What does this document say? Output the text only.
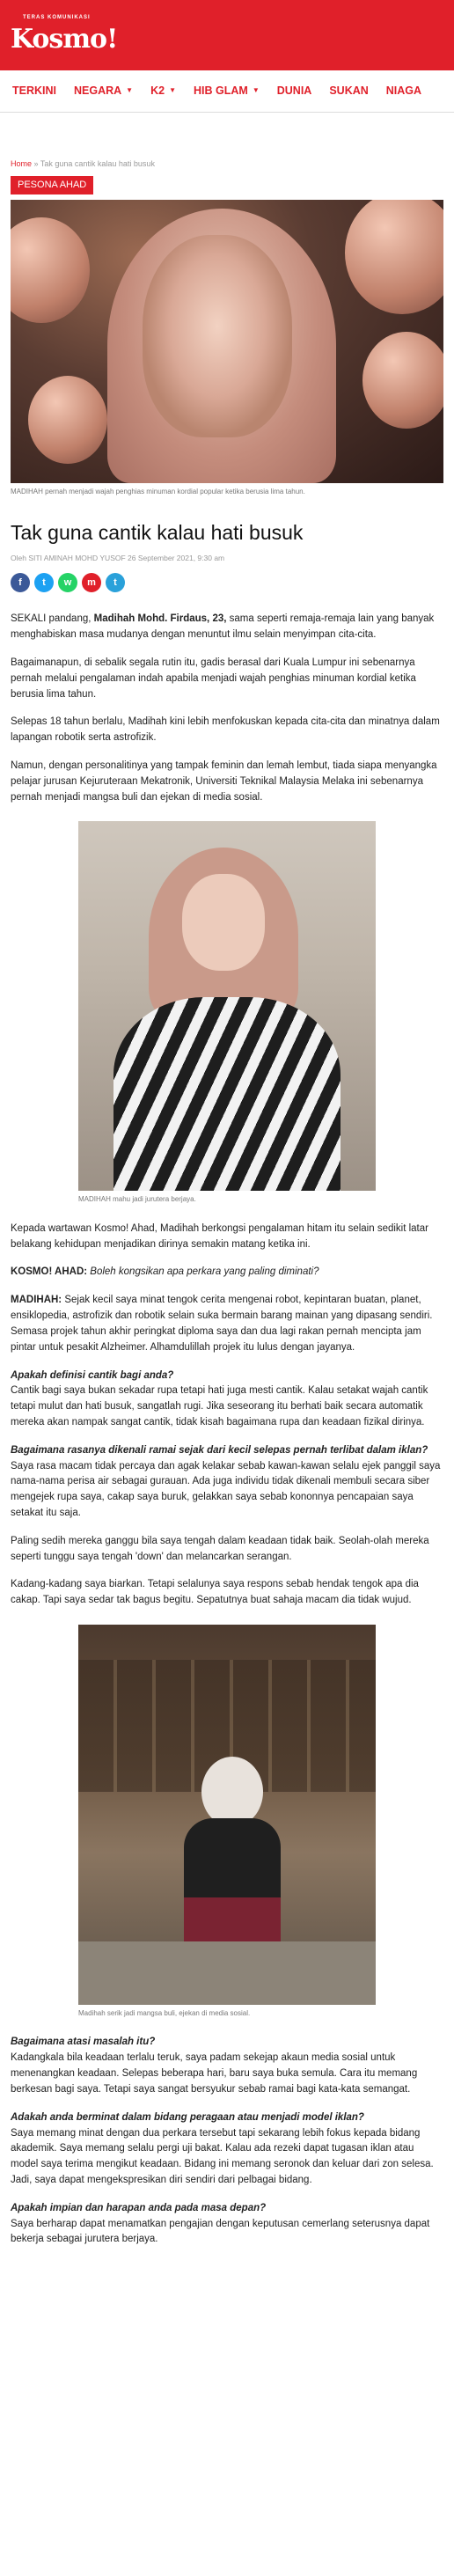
TERAS KOMUNIKASI
Kosmo!
TERKINI NEGARA ▼ K2 ▼ HIB GLAM ▼ DUNIA SUKAN NIAGA
Home » Tak guna cantik kalau hati busuk
PESONA AHAD
MADIHAH pernah menjadi wajah penghias minuman kordial popular ketika berusia lima tahun.
Tak guna cantik kalau hati busuk
Oleh SITI AMINAH MOHD YUSOF 26 September 2021, 9:30 am
f	t	w	m	t

SEKALI pandang, Madihah Mohd. Firdaus, 23, sama seperti remaja-remaja lain yang banyak menghabiskan masa mudanya dengan menuntut ilmu selain menyimpan cita-cita.

Bagaimanapun, di sebalik segala rutin itu, gadis berasal dari Kuala Lumpur ini sebenarnya pernah melalui pengalaman indah apabila menjadi wajah penghias minuman kordial ketika berusia lima tahun.

Selepas 18 tahun berlalu, Madihah kini lebih menfokuskan kepada cita-cita dan minatnya dalam lapangan robotik serta astrofizik.

Namun, dengan personalitinya yang tampak feminin dan lemah lembut, tiada siapa menyangka pelajar jurusan Kejuruteraan Mekatronik, Universiti Teknikal Malaysia Melaka ini sebenarnya pernah menjadi mangsa buli dan ejekan di media sosial.

MADIHAH mahu jadi jurutera berjaya.

Kepada wartawan Kosmo! Ahad, Madihah berkongsi pengalaman hitam itu selain sedikit latar belakang kehidupan menjadikan dirinya semakin matang ketika ini.

KOSMO! AHAD: Boleh kongsikan apa perkara yang paling diminati?

MADIHAH: Sejak kecil saya minat tengok cerita mengenai robot, kepintaran buatan, planet, ensiklopedia, astrofizik dan robotik selain suka bermain barang mainan yang dipasang sendiri.
Semasa projek tahun akhir peringkat diploma saya dan dua lagi rakan pernah mencipta jam pintar untuk pesakit Alzheimer. Alhamdulillah projek itu lulus dengan jayanya.

Apakah definisi cantik bagi anda?

Cantik bagi saya bukan sekadar rupa tetapi hati juga mesti cantik. Kalau setakat wajah cantik tetapi mulut dan hati busuk, sangatlah rugi. Jika seseorang itu berhati baik secara automatik mereka akan nampak sangat cantik, tidak kisah bagaimana rupa dan keadaan fizikal dirinya.

Bagaimana rasanya dikenali ramai sejak dari kecil selepas pernah terlibat dalam iklan?

Saya rasa macam tidak percaya dan agak kelakar sebab kawan-kawan selalu ejek panggil saya nama-nama perisa air sebagai gurauan. Ada juga individu tidak dikenali membuli secara siber mengejek rupa saya, cakap saya buruk, gelakkan saya sebab kononnya pencapaian saya setakat itu saja.

Paling sedih mereka ganggu bila saya tengah dalam keadaan tidak baik. Seolah-olah mereka seperti tunggu saya tengah 'down' dan melancarkan serangan.

Kadang-kadang saya biarkan. Tetapi selalunya saya respons sebab hendak tengok apa dia cakap. Tapi saya sedar tak bagus begitu. Sepatutnya buat sahaja macam dia tidak wujud.

Madihah serik jadi mangsa buli, ejekan di media sosial.
Bagaimana atasi masalah itu?

Kadangkala bila keadaan terlalu teruk, saya padam sekejap akaun media sosial untuk menenangkan keadaan. Selepas beberapa hari, baru saya buka semula. Cara itu memang berkesan bagi saya. Tetapi saya sangat bersyukur sebab ramai bagi kata-kata semangat.

Adakah anda berminat dalam bidang peragaan atau menjadi model iklan?

Saya memang minat dengan dua perkara tersebut tapi sekarang lebih fokus kepada bidang akademik. Saya memang selalu pergi uji bakat. Kalau ada rezeki dapat tugasan iklan atau model saya terima mengikut keadaan. Bidang ini memang seronok dan keluar dari zon selesa. Jadi, saya dapat mengekspresikan diri sendiri dari pelbagai bidang.

Apakah impian dan harapan anda pada masa depan?

Saya berharap dapat menamatkan pengajian dengan keputusan cemerlang seterusnya dapat bekerja sebagai jurutera berjaya.
